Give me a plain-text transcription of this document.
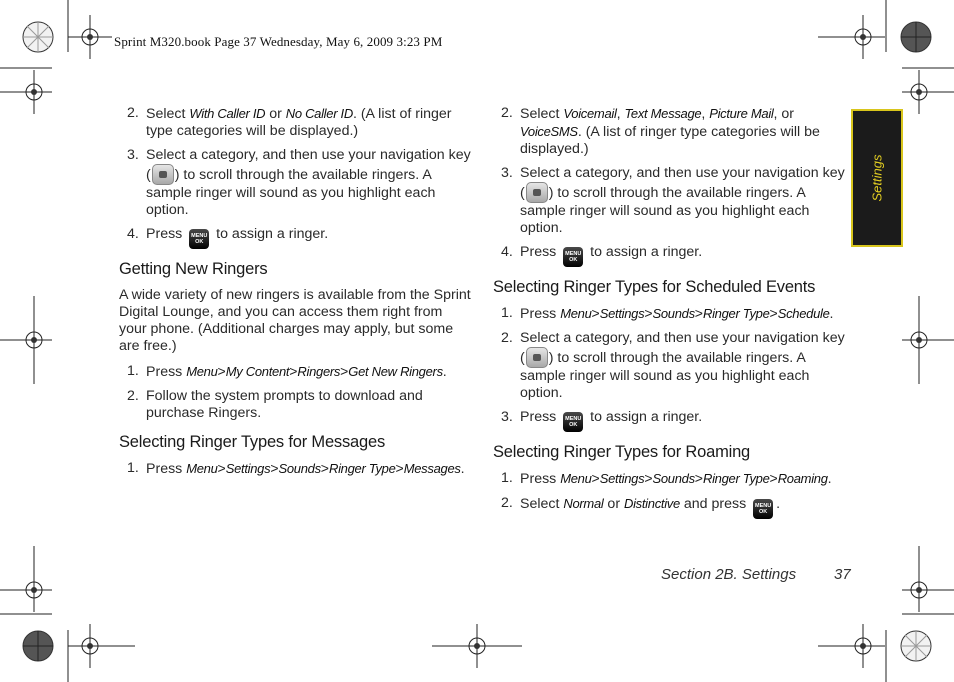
Sprint M320.book Page 37 Wednesday, May 6, 2009 3:23 PM
Settings
2. Select With Caller ID or No Caller ID. (A list of ringer type categories will be displayed.)
3. Select a category, and then use your navigation key ( ) to scroll through the available ringers. A sample ringer will sound as you highlight each option.
4. Press MENU
OK to assign a ringer.
Getting New Ringers

A wide variety of new ringers is available from the Sprint Digital Lounge, and you can access them right from your phone. (Additional charges may apply, but some are free.)

1. Press Menu>My Content>Ringers>Get New Ringers.
2. Follow the system prompts to download and purchase Ringers.
Selecting Ringer Types for Messages
1. Press Menu>Settings>Sounds>Ringer Type>Messages.
2. Select Voicemail, Text Message, Picture Mail, or VoiceSMS. (A list of ringer type categories will be displayed.)
3. Select a category, and then use your navigation key ( ) to scroll through the available ringers. A sample ringer will sound as you highlight each option.
4. Press MENU
OK to assign a ringer.
Selecting Ringer Types for Scheduled Events
1. Press Menu>Settings>Sounds>Ringer Type>Schedule.
2. Select a category, and then use your navigation key ( ) to scroll through the available ringers. A sample ringer will sound as you highlight each option.
3. Press MENU
OK to assign a ringer.
Selecting Ringer Types for Roaming
1. Press Menu>Settings>Sounds>Ringer Type>Roaming.
2. Select Normal or Distinctive and press MENU
OK .
Section 2B. Settings	37
